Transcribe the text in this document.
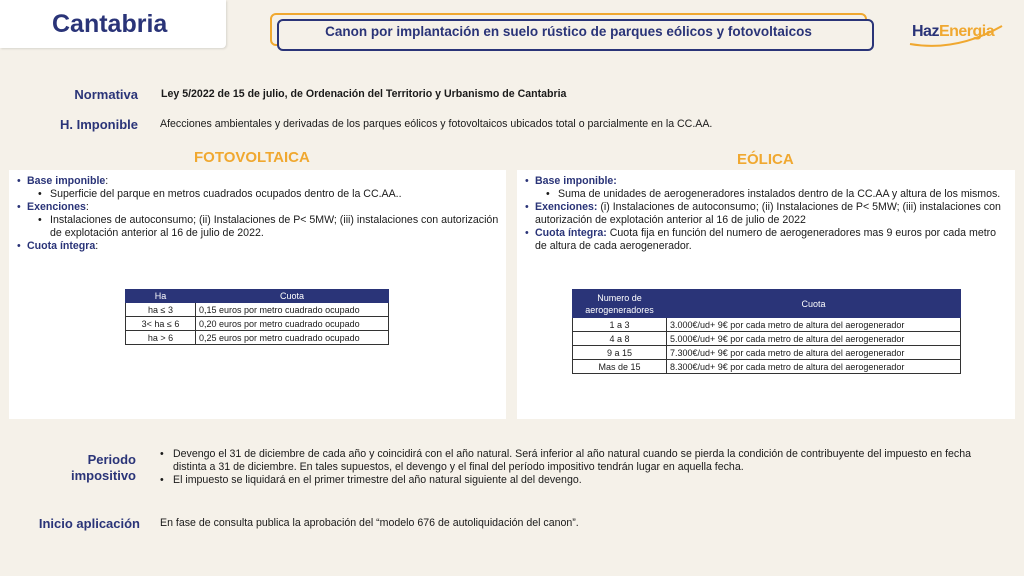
Cantabria	Canon por implantación en suelo rústico de parques eólicos y fotovoltaicos	HazEnergia
Normativa Ley 5/2022 de 15 de julio, de Ordenación del Territorio y Urbanismo de Cantabria
H. Imponible Afecciones ambientales y derivadas de los parques eólicos y fotovoltaicos ubicados total o parcialmente en la CC.AA.
FOTOVOLTAICA	EÓLICA
• Base imponible:
• Superficie del parque en metros cuadrados ocupados dentro de la CC.AA..
• Exenciones:
• Instalaciones de autoconsumo; (ii) Instalaciones de P< 5MW; (iii) instalaciones con autorización de explotación anterior al 16 de julio de 2022.
• Cuota íntegra:
Ha	Cuota
ha ≤ 3	0,15 euros por metro cuadrado ocupado
3< ha ≤ 6	0,20 euros por metro cuadrado ocupado
ha > 6	0,25 euros por metro cuadrado ocupado
• Base imponible:
• Suma de unidades de aerogeneradores instalados dentro de la CC.AA y altura de los mismos.
• Exenciones: (i) Instalaciones de autoconsumo; (ii) Instalaciones de P< 5MW; (iii) instalaciones con autorización de explotación anterior al 16 de julio de 2022
• Cuota íntegra: Cuota fija en función del numero de aerogeneradores mas 9 euros por cada metro de altura de cada aerogenerador.
Numero de aerogeneradores	Cuota
1 a 3	3.000€/ud+ 9€ por cada metro de altura del aerogenerador
4 a 8	5.000€/ud+ 9€ por cada metro de altura del aerogenerador
9 a 15	7.300€/ud+ 9€ por cada metro de altura del aerogenerador
Mas de 15	8.300€/ud+ 9€ por cada metro de altura del aerogenerador
Periodo
impositivo
• Devengo el 31 de diciembre de cada año y coincidirá con el año natural. Será inferior al año natural cuando se pierda la condición de contribuyente del impuesto en fecha distinta a 31 de diciembre. En tales supuestos, el devengo y el final del período impositivo tendrán lugar en aquella fecha.
• El impuesto se liquidará en el primer trimestre del año natural siguiente al del devengo.
Inicio aplicación En fase de consulta publica la aprobación del “modelo 676 de autoliquidación del canon”.
